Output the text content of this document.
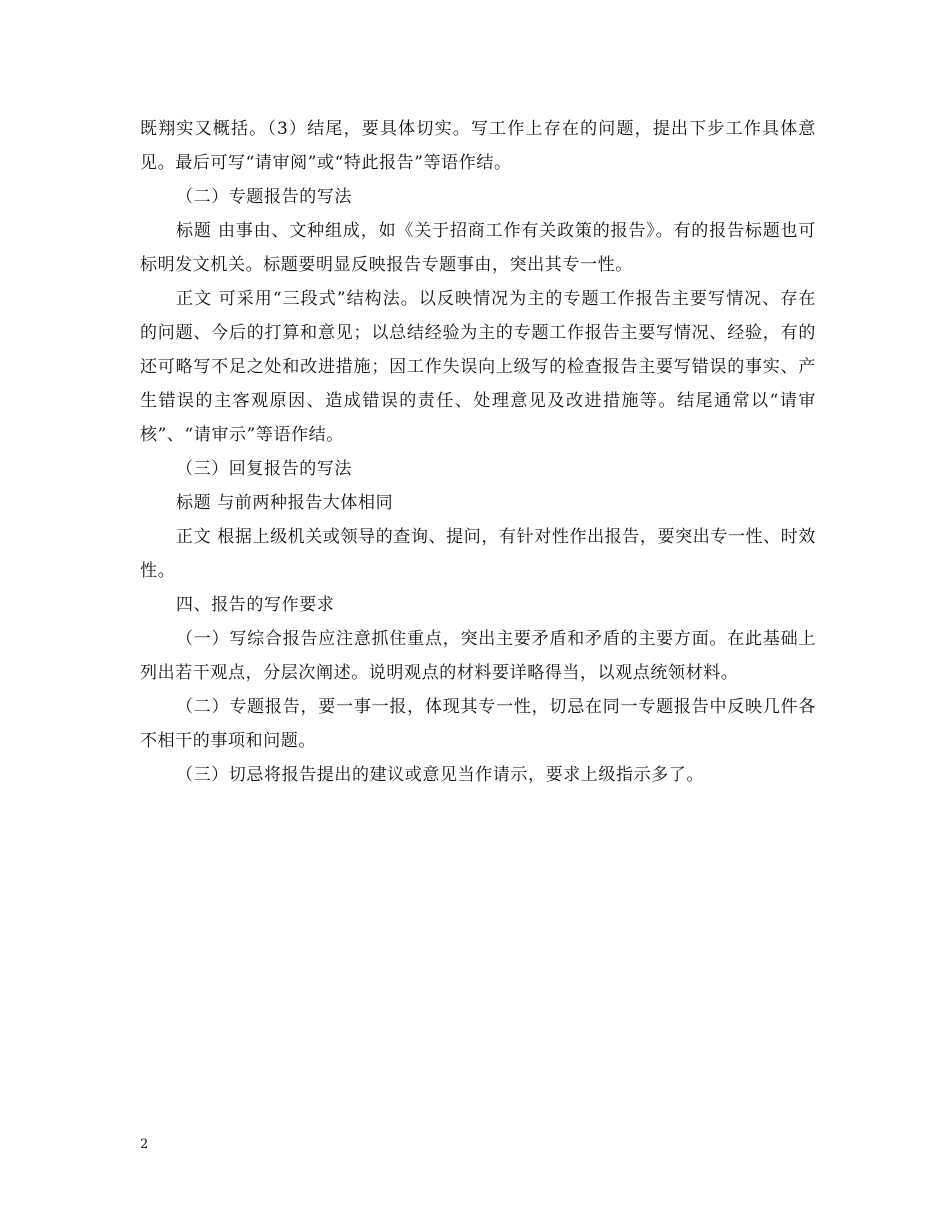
既翔实又概括。（3）结尾，要具体切实。写工作上存在的问题，提出下步工作具体意见。最后可写“请审阅”或“特此报告”等语作结。

（二）专题报告的写法

标题 由事由、文种组成，如《关于招商工作有关政策的报告》。有的报告标题也可标明发文机关。标题要明显反映报告专题事由，突出其专一性。

正文 可采用“三段式”结构法。以反映情况为主的专题工作报告主要写情况、存在的问题、今后的打算和意见；以总结经验为主的专题工作报告主要写情况、经验，有的还可略写不足之处和改进措施；因工作失误向上级写的检查报告主要写错误的事实、产生错误的主客观原因、造成错误的责任、处理意见及改进措施等。结尾通常以“请审核”、“请审示”等语作结。

（三）回复报告的写法

标题 与前两种报告大体相同

正文 根据上级机关或领导的查询、提问，有针对性作出报告，要突出专一性、时效性。

四、报告的写作要求

（一）写综合报告应注意抓住重点，突出主要矛盾和矛盾的主要方面。在此基础上列出若干观点，分层次阐述。说明观点的材料要详略得当，以观点统领材料。

（二）专题报告，要一事一报，体现其专一性，切忌在同一专题报告中反映几件各不相干的事项和问题。

（三）切忌将报告提出的建议或意见当作请示，要求上级指示多了。

2
